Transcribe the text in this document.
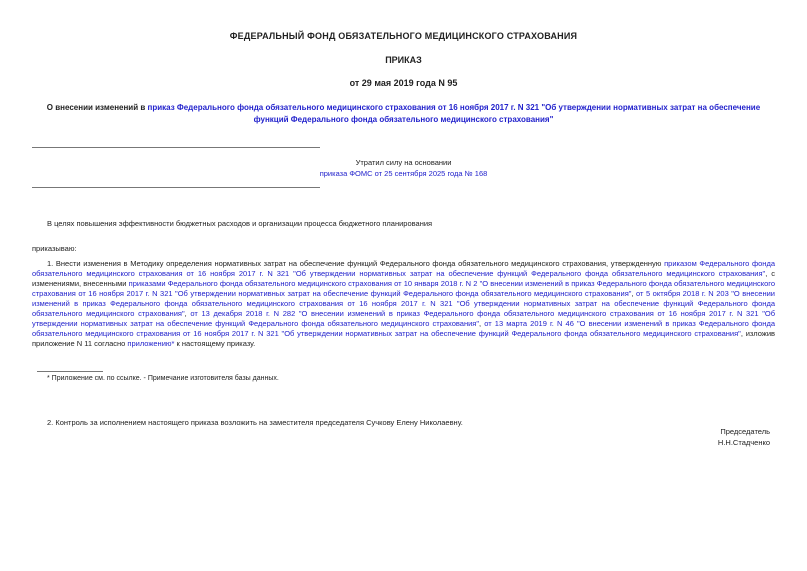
ФЕДЕРАЛЬНЫЙ ФОНД ОБЯЗАТЕЛЬНОГО МЕДИЦИНСКОГО СТРАХОВАНИЯ
ПРИКАЗ
от 29 мая 2019 года N 95
О внесении изменений в приказ Федерального фонда обязательного медицинского страхования от 16 ноября 2017 г. N 321 "Об утверждении нормативных затрат на обеспечение функций Федерального фонда обязательного медицинского страхования"
Утратил силу на основании
приказа ФОМС от 25 сентября 2025 года № 168
В целях повышения эффективности бюджетных расходов и организации процесса бюджетного планирования
приказываю:
1. Внести изменения в Методику определения нормативных затрат на обеспечение функций Федерального фонда обязательного медицинского страхования, утвержденную приказом Федерального фонда обязательного медицинского страхования от 16 ноября 2017 г. N 321 "Об утверждении нормативных затрат на обеспечение функций Федерального фонда обязательного медицинского страхования", с изменениями, внесенными приказами Федерального фонда обязательного медицинского страхования от 10 января 2018 г. N 2 "О внесении изменений в приказ Федерального фонда обязательного медицинского страхования от 16 ноября 2017 г. N 321 "Об утверждении нормативных затрат на обеспечение функций Федерального фонда обязательного медицинского страхования", от 5 октября 2018 г. N 203 "О внесении изменений в приказ Федерального фонда обязательного медицинского страхования от 16 ноября 2017 г. N 321 "Об утверждении нормативных затрат на обеспечение функций Федерального фонда обязательного медицинского страхования", от 13 декабря 2018 г. N 282 "О внесении изменений в приказ Федерального фонда обязательного медицинского страхования от 16 ноября 2017 г. N 321 "Об утверждении нормативных затрат на обеспечение функций Федерального фонда обязательного медицинского страхования", от 13 марта 2019 г. N 46 "О внесении изменений в приказ Федерального фонда обязательного медицинского страхования от 16 ноября 2017 г. N 321 "Об утверждении нормативных затрат на обеспечение функций Федерального фонда обязательного медицинского страхования", изложив приложение N 11 согласно приложению* к настоящему приказу.
* Приложение см. по ссылке. - Примечание изготовителя базы данных.
2. Контроль за исполнением настоящего приказа возложить на заместителя председателя Сучкову Елену Николаевну.
Председатель
Н.Н.Стадченко
